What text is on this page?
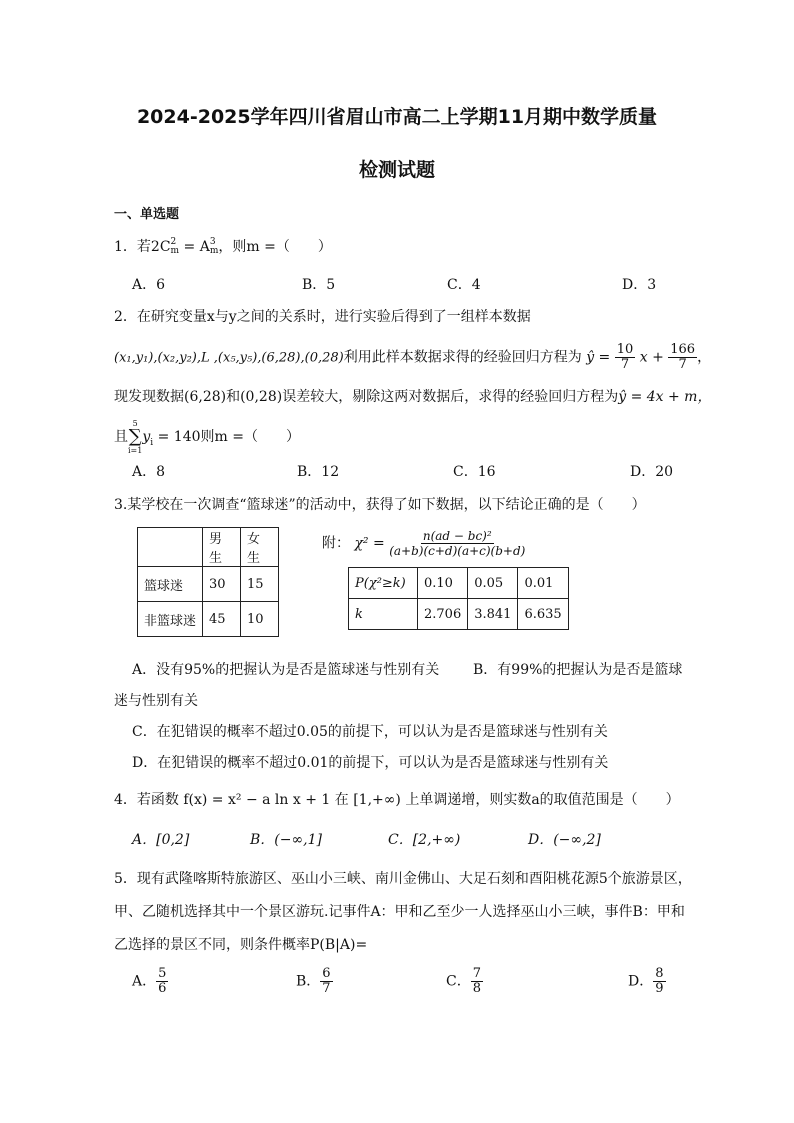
2024-2025学年四川省眉山市高二上学期11月期中数学质量
检测试题
一、单选题
1．若2C 2
m = A 3
m ，则m =（　　）
A．6	B．5	C．4	D．3
2．在研究变量x与y之间的关系时，进行实验后得到了一组样本数据
(x₁,y₁),(x₂,y₂),L ,(x₅,y₅),(6,28),(0,28)利用此样本数据求得的经验回归方程为 ŷ = $\frac{10}{7}$ $x + \frac{166}{7}$ ，
现发现数据(6,28)和(0,28)误差较大，剔除这两对数据后，求得的经验回归方程为ŷ = 4x + m，
且
5
∑
i=1
$y_i = 140$则m =（　　）
A．8	B．12	C．16	D．20
3.某学校在一次调查“篮球迷”的活动中，获得了如下数据，以下结论正确的是（　　）
	男生	女生
篮球迷	30	15
非篮球迷	45	10
附： $\chi^2 = \frac{\text{n(ad − bc)²}}{(a+b)(c+d)(a+c)(b+d)}$
P(χ²≥k)	0.10	0.05	0.01
k	2.706	3.841	6.635
A．没有95%的把握认为是否是篮球迷与性别有关 B．有99%的把握认为是否是篮球
迷与性别有关
C．在犯错误的概率不超过0.05的前提下，可以认为是否是篮球迷与性别有关
D．在犯错误的概率不超过0.01的前提下，可以认为是否是篮球迷与性别有关
4．若函数 f(x) = x² − a ln x + 1 在 [1,+∞) 上单调递增，则实数a的取值范围是（　　）
A．[0,2]	B．(−∞,1]	C．[2,+∞)	D．(−∞,2]
5．现有武隆喀斯特旅游区、巫山小三峡、南川金佛山、大足石刻和酉阳桃花源5个旅游景区，
甲、乙随机选择其中一个景区游玩.记事件A：甲和乙至少一人选择巫山小三峡，事件B：甲和
乙选择的景区不同，则条件概率P(B|A)=
A． $\frac{5}{6}$	B． $\frac{6}{7}$	C． $\frac{7}{8}$	D． $\frac{8}{9}$
